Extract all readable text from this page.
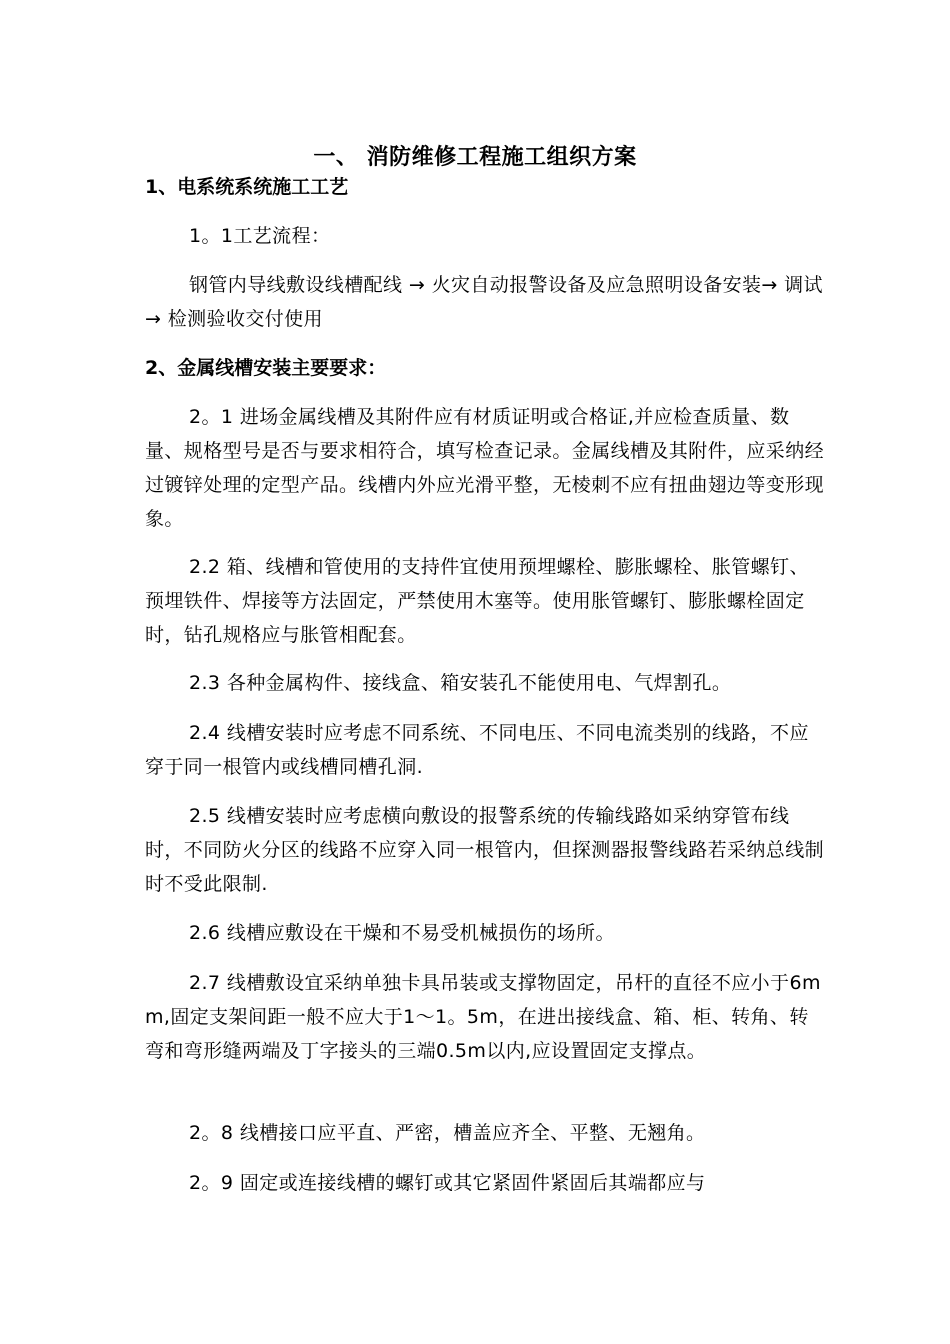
一、 消防维修工程施工组织方案
1、电系统系统施工工艺
1。1工艺流程：
钢管内导线敷设线槽配线 → 火灾自动报警设备及应急照明设备安装→ 调试 → 检测验收交付使用
2、金属线槽安装主要要求：
2。1 进场金属线槽及其附件应有材质证明或合格证,并应检查质量、数量、规格型号是否与要求相符合，填写检查记录。金属线槽及其附件，应采纳经过镀锌处理的定型产品。线槽内外应光滑平整，无棱刺不应有扭曲翅边等变形现象。
2.2 箱、线槽和管使用的支持件宜使用预埋螺栓、膨胀螺栓、胀管螺钉、预埋铁件、焊接等方法固定，严禁使用木塞等。使用胀管螺钉、膨胀螺栓固定时，钻孔规格应与胀管相配套。
2.3 各种金属构件、接线盒、箱安装孔不能使用电、气焊割孔。
2.4 线槽安装时应考虑不同系统、不同电压、不同电流类别的线路，不应穿于同一根管内或线槽同槽孔洞.
2.5 线槽安装时应考虑横向敷设的报警系统的传输线路如采纳穿管布线时，不同防火分区的线路不应穿入同一根管内，但探测器报警线路若采纳总线制时不受此限制.
2.6 线槽应敷设在干燥和不易受机械损伤的场所。
2.7 线槽敷设宜采纳单独卡具吊装或支撑物固定，吊杆的直径不应小于6mm,固定支架间距一般不应大于1～1。5m，在进出接线盒、箱、柜、转角、转弯和弯形缝两端及丁字接头的三端0.5m以内,应设置固定支撑点。
2。8 线槽接口应平直、严密，槽盖应齐全、平整、无翘角。
2。9 固定或连接线槽的螺钉或其它紧固件紧固后其端都应与
